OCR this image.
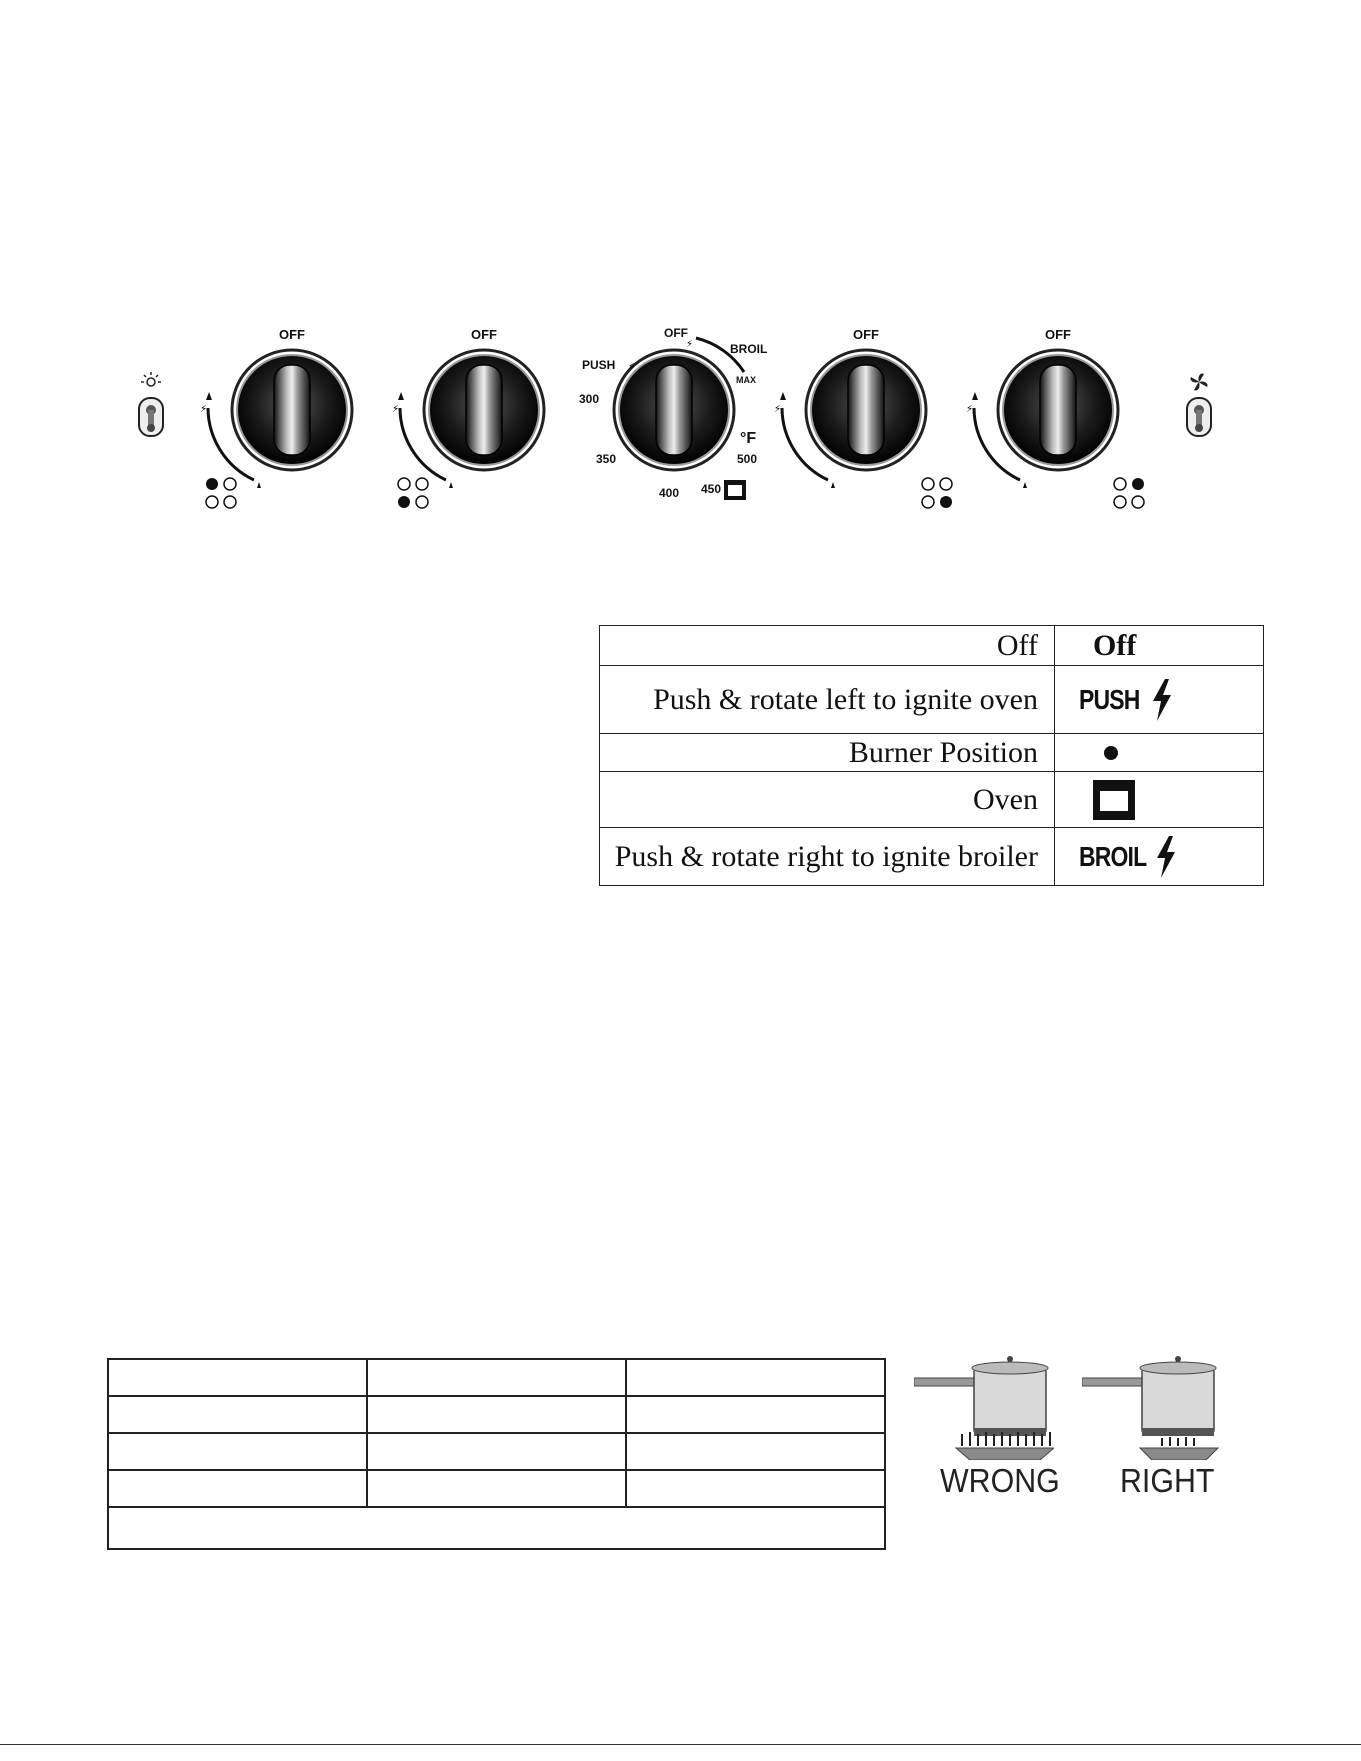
OFF
⚡
OFF
⚡
OFF
BROIL
MAX
PUSH
300
350
400 450
500
°F
⚡
⚡
OFF
⚡
OFF
⚡
Off	Off
Push & rotate left to ignite oven	PUSH
Burner Position	
Oven	
Push & rotate right to ignite broiler	BROIL

WRONG RIGHT
